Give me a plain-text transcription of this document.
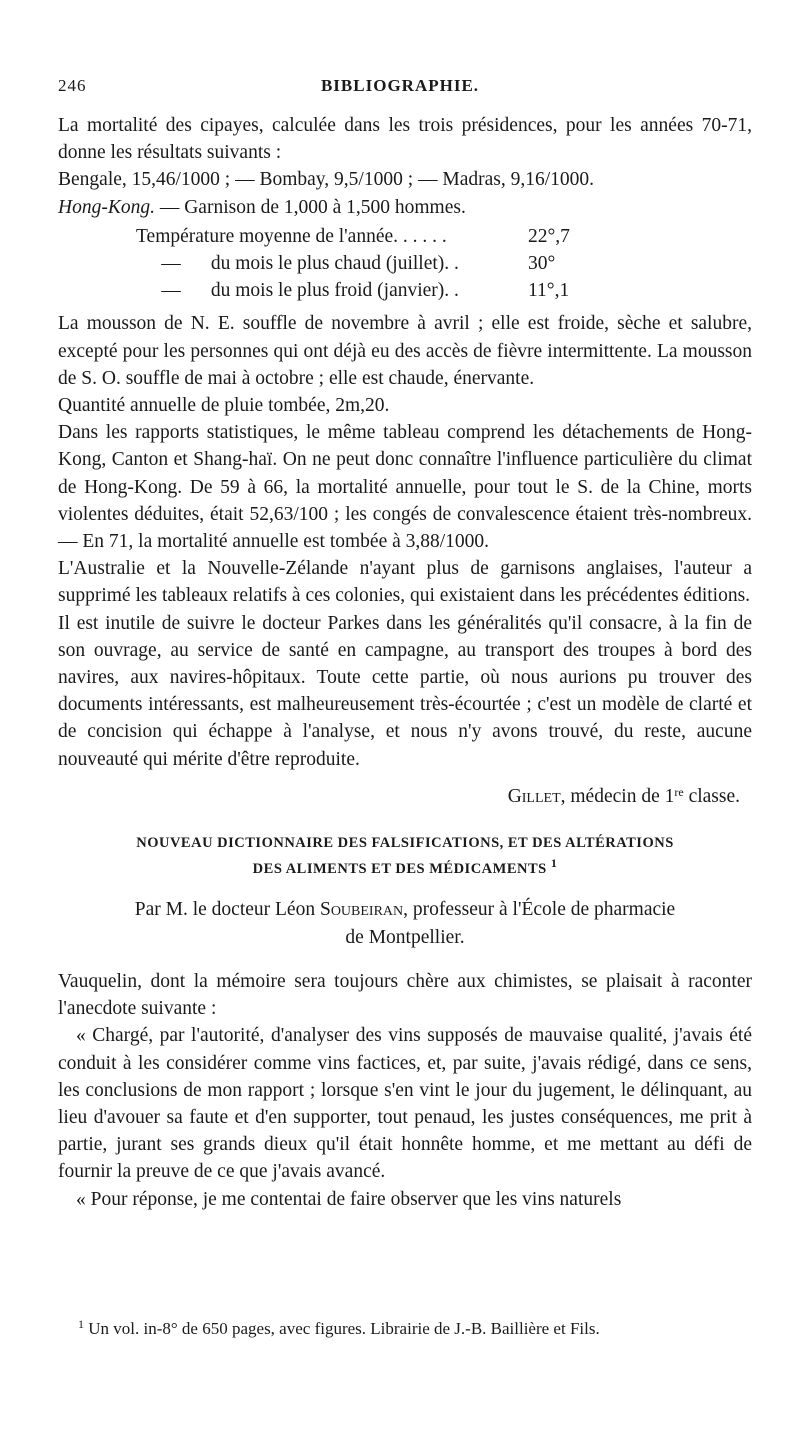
246	BIBLIOGRAPHIE.

La mortalité des cipayes, calculée dans les trois présidences, pour les années 70-71, donne les résultats suivants :

Bengale, 15,46/1000 ; — Bombay, 9,5/1000 ; — Madras, 9,16/1000.

Hong-Kong. — Garnison de 1,000 à 1,500 hommes.

Température moyenne de l'année. . . . . .	22°,7
— du mois le plus chaud (juillet). .	30°
— du mois le plus froid (janvier). .	11°,1

La mousson de N. E. souffle de novembre à avril ; elle est froide, sèche et salubre, excepté pour les personnes qui ont déjà eu des accès de fièvre intermittente. La mousson de S. O. souffle de mai à octobre ; elle est chaude, énervante.

Quantité annuelle de pluie tombée, 2m,20.

Dans les rapports statistiques, le même tableau comprend les détachements de Hong-Kong, Canton et Shang-haï. On ne peut donc connaître l'influence particulière du climat de Hong-Kong. De 59 à 66, la mortalité annuelle, pour tout le S. de la Chine, morts violentes déduites, était 52,63/100 ; les congés de convalescence étaient très-nombreux. — En 71, la mortalité annuelle est tombée à 3,88/1000.

L'Australie et la Nouvelle-Zélande n'ayant plus de garnisons anglaises, l'auteur a supprimé les tableaux relatifs à ces colonies, qui existaient dans les précédentes éditions.

Il est inutile de suivre le docteur Parkes dans les généralités qu'il consacre, à la fin de son ouvrage, au service de santé en campagne, au transport des troupes à bord des navires, aux navires-hôpitaux. Toute cette partie, où nous aurions pu trouver des documents intéressants, est malheureusement très-écourtée ; c'est un modèle de clarté et de concision qui échappe à l'analyse, et nous n'y avons trouvé, du reste, aucune nouveauté qui mérite d'être reproduite.

Gillet, médecin de 1re classe.

NOUVEAU DICTIONNAIRE DES FALSIFICATIONS, ET DES ALTÉRATIONS
DES ALIMENTS ET DES MÉDICAMENTS $^1$
Par M. le docteur Léon Soubeiran, professeur à l'École de pharmacie
de Montpellier.

Vauquelin, dont la mémoire sera toujours chère aux chimistes, se plaisait à raconter l'anecdote suivante :

« Chargé, par l'autorité, d'analyser des vins supposés de mauvaise qualité, j'avais été conduit à les considérer comme vins factices, et, par suite, j'avais rédigé, dans ce sens, les conclusions de mon rapport ; lorsque s'en vint le jour du jugement, le délinquant, au lieu d'avouer sa faute et d'en supporter, tout penaud, les justes conséquences, me prit à partie, jurant ses grands dieux qu'il était honnête homme, et me mettant au défi de fournir la preuve de ce que j'avais avancé.

« Pour réponse, je me contentai de faire observer que les vins naturels

$^1$ Un vol. in-8° de 650 pages, avec figures. Librairie de J.-B. Baillière et Fils.
